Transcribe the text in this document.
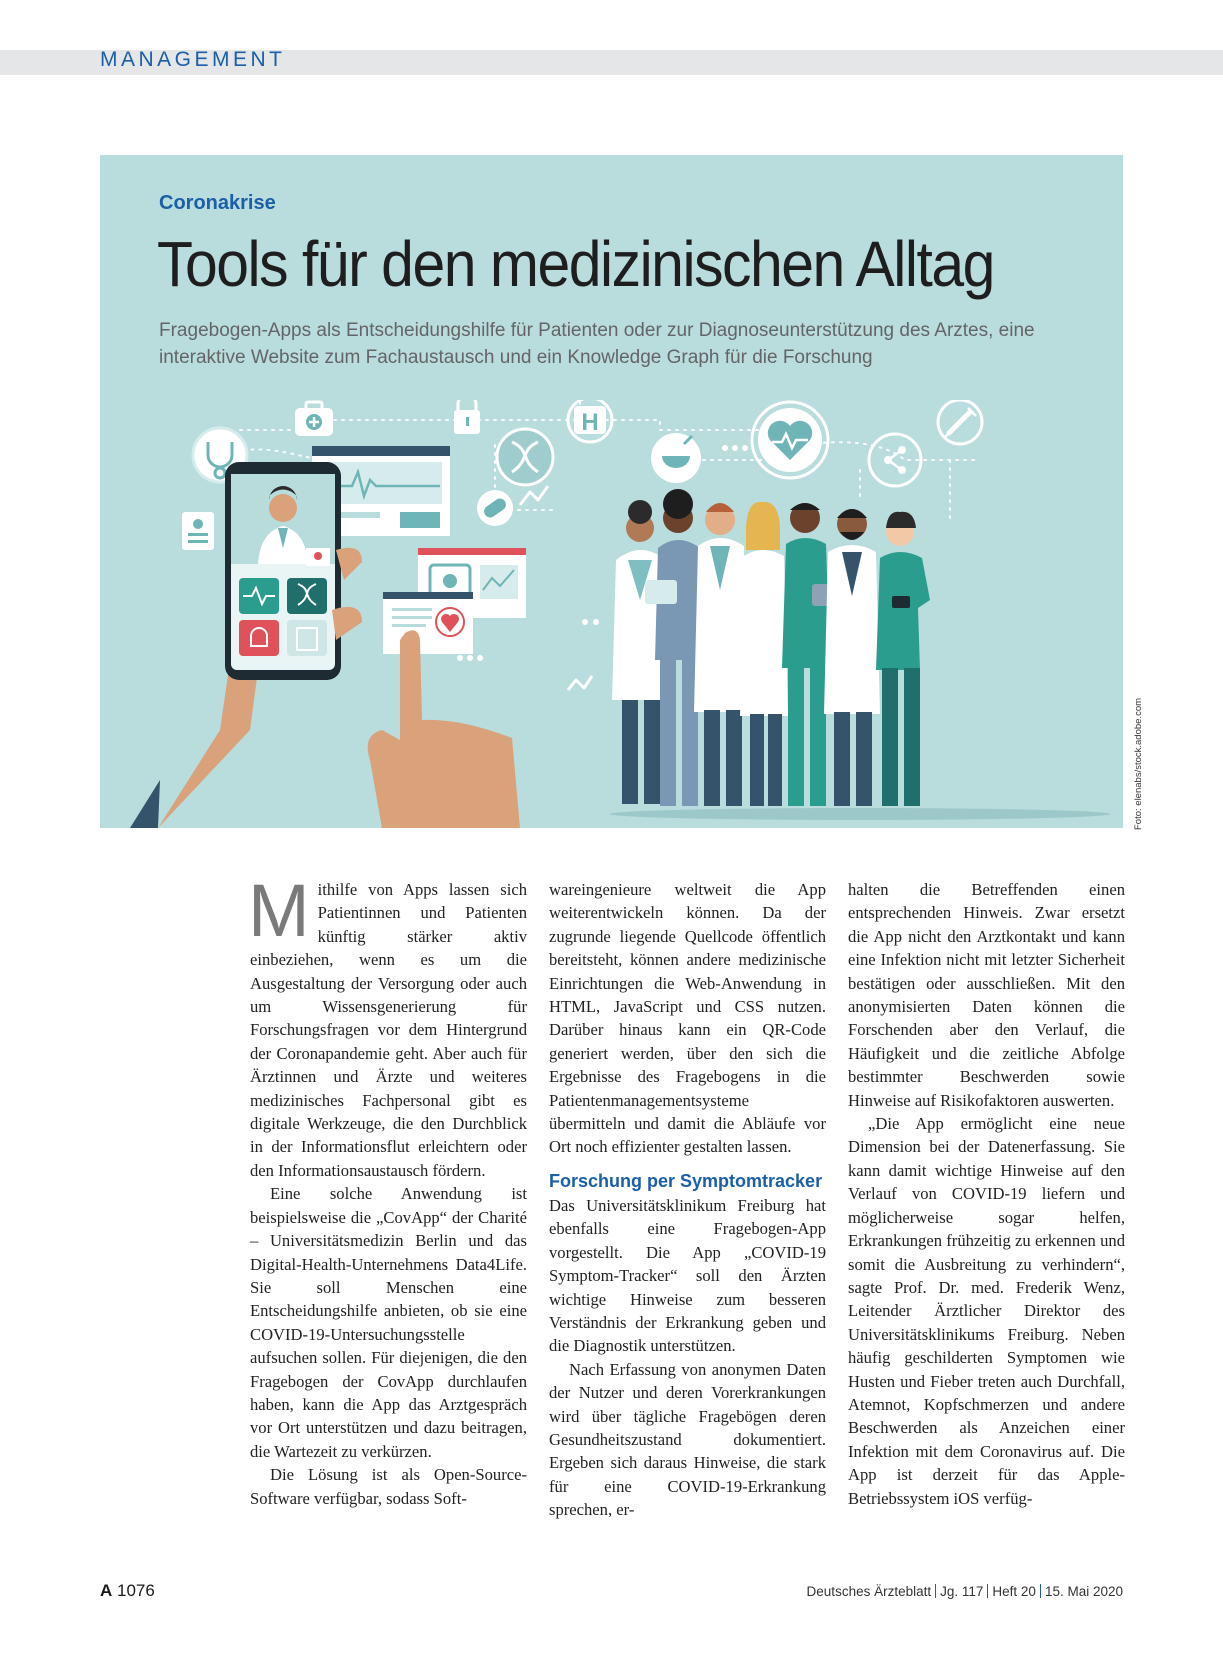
MANAGEMENT
Coronakrise
Tools für den medizinischen Alltag
Fragebogen-Apps als Entscheidungshilfe für Patienten oder zur Diagnoseunterstützung des Arztes, eine interaktive Website zum Fachaustausch und ein Knowledge Graph für die Forschung
H
Foto: elenabs/stock.adobe.com

Mithilfe von Apps lassen sich Patientinnen und Patienten künftig stärker aktiv einbeziehen, wenn es um die Ausgestaltung der Versorgung oder auch um Wissensgenerierung für Forschungsfragen vor dem Hintergrund der Coronapandemie geht. Aber auch für Ärztinnen und Ärzte und weiteres medizinisches Fachpersonal gibt es digitale Werkzeuge, die den Durchblick in der Informationsflut erleichtern oder den Informationsaustausch fördern.

Eine solche Anwendung ist beispielsweise die „CovApp“ der Charité – Universitätsmedizin Berlin und das Digital-Health-Unternehmens Data4Life. Sie soll Menschen eine Entscheidungshilfe anbieten, ob sie eine COVID-19-Untersuchungsstelle aufsuchen sollen. Für diejenigen, die den Fragebogen der CovApp durchlaufen haben, kann die App das Arztgespräch vor Ort unterstützen und dazu beitragen, die Wartezeit zu verkürzen.

Die Lösung ist als Open-Source-Software verfügbar, sodass Soft-

wareingenieure weltweit die App weiterentwickeln können. Da der zugrunde liegende Quellcode öffentlich bereitsteht, können andere medizinische Einrichtungen die Web-Anwendung in HTML, JavaScript und CSS nutzen. Darüber hinaus kann ein QR-Code generiert werden, über den sich die Ergebnisse des Fragebogens in die Patientenmanagementsysteme übermitteln und damit die Abläufe vor Ort noch effizienter gestalten lassen.

Forschung per Symptomtracker

Das Universitätsklinikum Freiburg hat ebenfalls eine Fragebogen-App vorgestellt. Die App „COVID-19 Symptom-Tracker“ soll den Ärzten wichtige Hinweise zum besseren Verständnis der Erkrankung geben und die Diagnostik unterstützen.

Nach Erfassung von anonymen Daten der Nutzer und deren Vorerkrankungen wird über tägliche Fragebögen deren Gesundheitszustand dokumentiert. Ergeben sich daraus Hinweise, die stark für eine COVID-19-Erkrankung sprechen, er-

halten die Betreffenden einen entsprechenden Hinweis. Zwar ersetzt die App nicht den Arztkontakt und kann eine Infektion nicht mit letzter Sicherheit bestätigen oder ausschließen. Mit den anonymisierten Daten können die Forschenden aber den Verlauf, die Häufigkeit und die zeitliche Abfolge bestimmter Beschwerden sowie Hinweise auf Risikofaktoren auswerten.

„Die App ermöglicht eine neue Dimension bei der Datenerfassung. Sie kann damit wichtige Hinweise auf den Verlauf von COVID-19 liefern und möglicherweise sogar helfen, Erkrankungen frühzeitig zu erkennen und somit die Ausbreitung zu verhindern“, sagte Prof. Dr. med. Frederik Wenz, Leitender Ärztlicher Direktor des Universitätsklinikums Freiburg. Neben häufig geschilderten Symptomen wie Husten und Fieber treten auch Durchfall, Atemnot, Kopfschmerzen und andere Beschwerden als Anzeichen einer Infektion mit dem Coronavirus auf. Die App ist derzeit für das Apple-Betriebssystem iOS verfüg-

A 1076	Deutsches Ärzteblatt Jg. 117 Heft 20 15. Mai 2020
